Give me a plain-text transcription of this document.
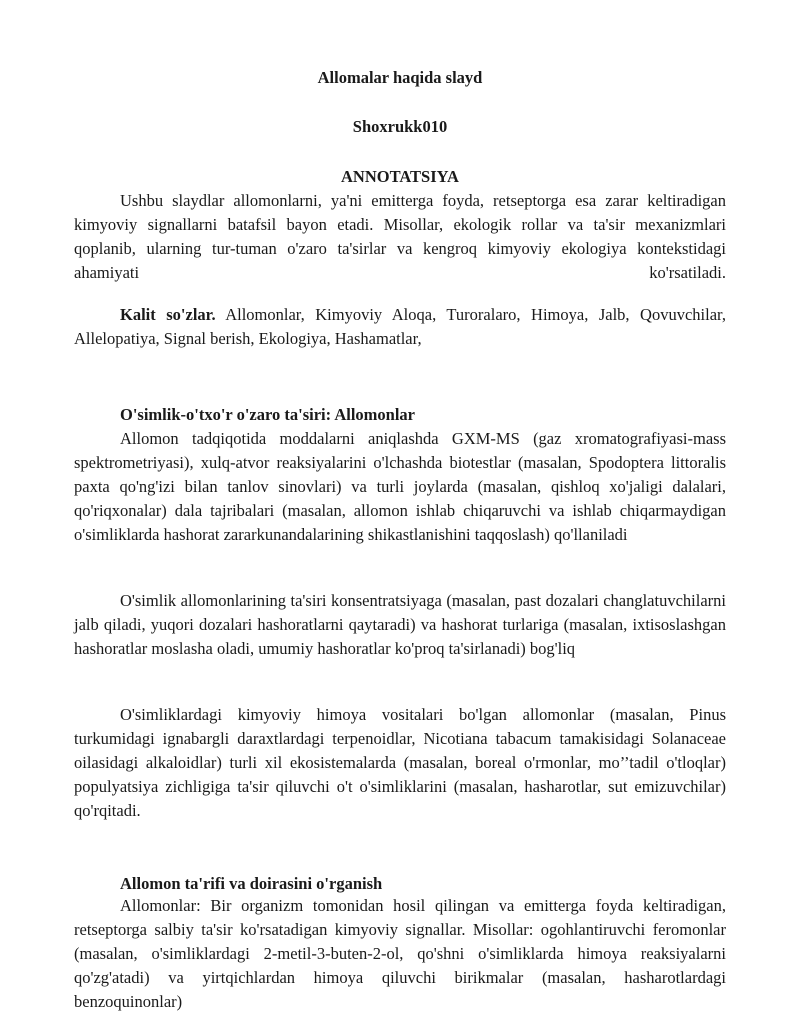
Allomalar haqida slayd

Shoxrukk010

ANNOTATSIYA

Ushbu slaydlar allomonlarni, ya'ni emitterga foyda, retseptorga esa zarar keltiradigan kimyoviy signallarni batafsil bayon etadi. Misollar, ekologik rollar va ta'sir mexanizmlari qoplanib, ularning tur-tuman o'zaro ta'sirlar va kengroq kimyoviy ekologiya kontekstidagi ahamiyati ko'rsatiladi.

Kalit so'zlar. Allomonlar, Kimyoviy Aloqa, Turoralaro, Himoya, Jalb, Qovuvchilar, Allelopatiya, Signal berish, Ekologiya, Hashamatlar,

O'simlik-o'txo'r o'zaro ta'siri: Allomonlar

Allomon tadqiqotida moddalarni aniqlashda GXM-MS (gaz xromatografiyasi-mass spektrometriyasi), xulq-atvor reaksiyalarini o'lchashda biotestlar (masalan, Spodoptera littoralis paxta qo'ng'izi bilan tanlov sinovlari) va turli joylarda (masalan, qishloq xo'jaligi dalalari, qo'riqxonalar) dala tajribalari (masalan, allomon ishlab chiqaruvchi va ishlab chiqarmaydigan o'simliklarda hashorat zararkunandalarining shikastlanishini taqqoslash) qo'llaniladi

O'simlik allomonlarining ta'siri konsentratsiyaga (masalan, past dozalari changlatuvchilarni jalb qiladi, yuqori dozalari hashoratlarni qaytaradi) va hashorat turlariga (masalan, ixtisoslashgan hashoratlar moslasha oladi, umumiy hashoratlar ko'proq ta'sirlanadi) bog'liq

O'simliklardagi kimyoviy himoya vositalari bo'lgan allomonlar (masalan, Pinus turkumidagi ignabargli daraxtlardagi terpenoidlar, Nicotiana tabacum tamakisidagi Solanaceae oilasidagi alkaloidlar) turli xil ekosistemalarda (masalan, boreal o'rmonlar, mo’’tadil o'tloqlar) populyatsiya zichligiga ta'sir qiluvchi o't o'simliklarini (masalan, hasharotlar, sut emizuvchilar) qo'rqitadi.

Allomon ta'rifi va doirasini o'rganish

Allomonlar: Bir organizm tomonidan hosil qilingan va emitterga foyda keltiradigan, retseptorga salbiy ta'sir ko'rsatadigan kimyoviy signallar. Misollar: ogohlantiruvchi feromonlar (masalan, o'simliklardagi 2-metil-3-buten-2-ol, qo'shni o'simliklarda himoya reaksiyalarni qo'zg'atadi) va yirtqichlardan himoya qiluvchi birikmalar (masalan, hasharotlardagi benzoquinonlar)
